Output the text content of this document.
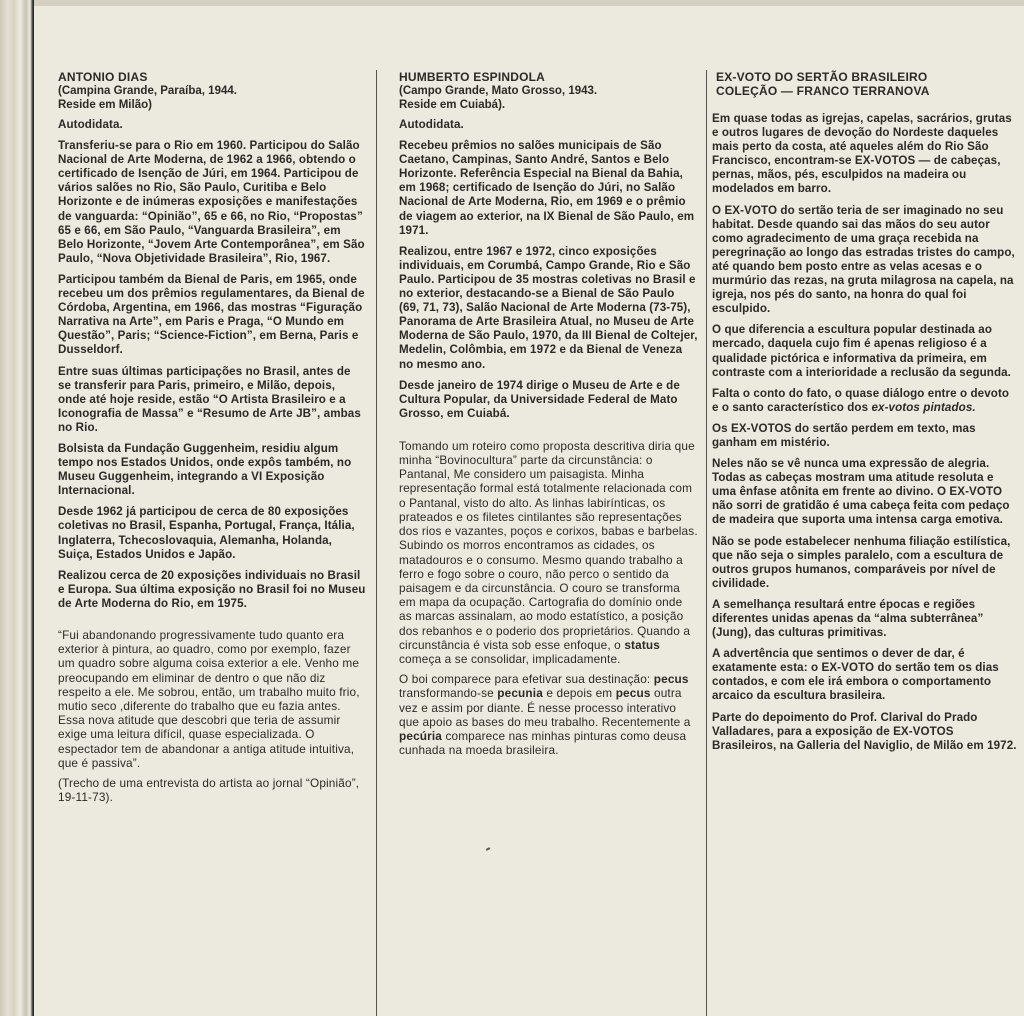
ANTONIO DIAS
(Campina Grande, Paraíba, 1944.
Reside em Milão)

Autodidata.

Transferiu-se para o Rio em 1960. Participou do Salão Nacional de Arte Moderna, de 1962 a 1966, obtendo o certificado de Isenção de Júri, em 1964. Participou de vários salões no Rio, São Paulo, Curitiba e Belo Horizonte e de inúmeras exposições e manifestações de vanguarda: “Opinião”, 65 e 66, no Rio, “Propostas” 65 e 66, em São Paulo, “Vanguarda Brasileira”, em Belo Horizonte, “Jovem Arte Contemporânea”, em São Paulo, “Nova Objetividade Brasileira”, Rio, 1967.

Participou também da Bienal de Paris, em 1965, onde recebeu um dos prêmios regulamentares, da Bienal de Córdoba, Argentina, em 1966, das mostras “Figuração Narrativa na Arte”, em Paris e Praga, “O Mundo em Questão”, Paris; “Science-Fiction”, em Berna, Paris e Dusseldorf.

Entre suas últimas participações no Brasil, antes de se transferir para Paris, primeiro, e Milão, depois, onde até hoje reside, estão “O Artista Brasileiro e a Iconografia de Massa” e “Resumo de Arte JB”, ambas no Rio.

Bolsista da Fundação Guggenheim, residiu algum tempo nos Estados Unidos, onde expôs também, no Museu Guggenheim, integrando a VI Exposição Internacional.

Desde 1962 já participou de cerca de 80 exposições coletivas no Brasil, Espanha, Portugal, França, Itália, Inglaterra, Tchecoslovaquia, Alemanha, Holanda, Suiça, Estados Unidos e Japão.

Realizou cerca de 20 exposições individuais no Brasil e Europa. Sua última exposição no Brasil foi no Museu de Arte Moderna do Rio, em 1975.

“Fui abandonando progressivamente tudo quanto era exterior à pintura, ao quadro, como por exemplo, fazer um quadro sobre alguma coisa exterior a ele. Venho me preocupando em eliminar de dentro o que não diz respeito a ele. Me sobrou, então, um trabalho muito frio, mutio seco ,diferente do trabalho que eu fazia antes. Essa nova atitude que descobri que teria de assumir exige uma leitura difícil, quase especializada. O espectador tem de abandonar a antiga atitude intuitiva, que é passiva”.

(Trecho de uma entrevista do artista ao jornal “Opinião”, 19-11-73).

HUMBERTO ESPINDOLA
(Campo Grande, Mato Grosso, 1943.
Reside em Cuiabá).

Autodidata.

Recebeu prêmios no salões municipais de São Caetano, Campinas, Santo André, Santos e Belo Horizonte. Referência Especial na Bienal da Bahia, em 1968; certificado de Isenção do Júri, no Salão Nacional de Arte Moderna, Rio, em 1969 e o prêmio de viagem ao exterior, na IX Bienal de São Paulo, em 1971.

Realizou, entre 1967 e 1972, cinco exposições individuais, em Corumbá, Campo Grande, Rio e São Paulo. Participou de 35 mostras coletivas no Brasil e no exterior, destacando-se a Bienal de São Paulo (69, 71, 73), Salão Nacional de Arte Moderna (73-75), Panorama de Arte Brasileira Atual, no Museu de Arte Moderna de São Paulo, 1970, da III Bienal de Coltejer, Medelin, Colômbia, em 1972 e da Bienal de Veneza no mesmo ano.

Desde janeiro de 1974 dirige o Museu de Arte e de Cultura Popular, da Universidade Federal de Mato Grosso, em Cuiabá.

Tomando um roteiro como proposta descritiva diria que minha “Bovinocultura” parte da circunstância: o Pantanal, Me considero um paisagista. Minha representação formal está totalmente relacionada com o Pantanal, visto do alto. As linhas labirínticas, os prateados e os filetes cintilantes são representações dos rios e vazantes, poços e corixos, babas e barbelas. Subindo os morros encontramos as cidades, os matadouros e o consumo. Mesmo quando trabalho a ferro e fogo sobre o couro, não perco o sentido da paisagem e da circunstância. O couro se transforma em mapa da ocupação. Cartografia do domínio onde as marcas assinalam, ao modo estatístico, a posição dos rebanhos e o poderio dos proprietários. Quando a circunstância é vista sob esse enfoque, o status começa a se consolidar, implicadamente.

O boi comparece para efetivar sua destinação: pecus transformando-se pecunia e depois em pecus outra vez e assim por diante. É nesse processo interativo que apoio as bases do meu trabalho. Recentemente a pecúria comparece nas minhas pinturas como deusa cunhada na moeda brasileira.

EX-VOTO DO SERTÃO BRASILEIRO
COLEÇÃO — FRANCO TERRANOVA

Em quase todas as igrejas, capelas, sacrários, grutas e outros lugares de devoção do Nordeste daqueles mais perto da costa, até aqueles além do Rio São Francisco, encontram-se EX-VOTOS — de cabeças, pernas, mãos, pés, esculpidos na madeira ou modelados em barro.

O EX-VOTO do sertão teria de ser imaginado no seu habitat. Desde quando sai das mãos do seu autor como agradecimento de uma graça recebida na peregrinação ao longo das estradas tristes do campo, até quando bem posto entre as velas acesas e o murmúrio das rezas, na gruta milagrosa na capela, na igreja, nos pés do santo, na honra do qual foi esculpido.

O que diferencia a escultura popular destinada ao mercado, daquela cujo fim é apenas religioso é a qualidade pictórica e informativa da primeira, em contraste com a interioridade a reclusão da segunda.

Falta o conto do fato, o quase diálogo entre o devoto e o santo característico dos ex-votos pintados.

Os EX-VOTOS do sertão perdem em texto, mas ganham em mistério.

Neles não se vê nunca uma expressão de alegria. Todas as cabeças mostram uma atitude resoluta e uma ênfase atônita em frente ao divino. O EX-VOTO não sorri de gratidão é uma cabeça feita com pedaço de madeira que suporta uma intensa carga emotiva.

Não se pode estabelecer nenhuma filiação estilística, que não seja o simples paralelo, com a escultura de outros grupos humanos, comparáveis por nível de civilidade.

A semelhança resultará entre épocas e regiões diferentes unidas apenas da “alma subterrânea” (Jung), das culturas primitivas.

A advertência que sentimos o dever de dar, é exatamente esta: o EX-VOTO do sertão tem os dias contados, e com ele irá embora o comportamento arcaico da escultura brasileira.

Parte do depoimento do Prof. Clarival do Prado Valladares, para a exposição de EX-VOTOS Brasileiros, na Galleria del Naviglio, de Milão em 1972.
